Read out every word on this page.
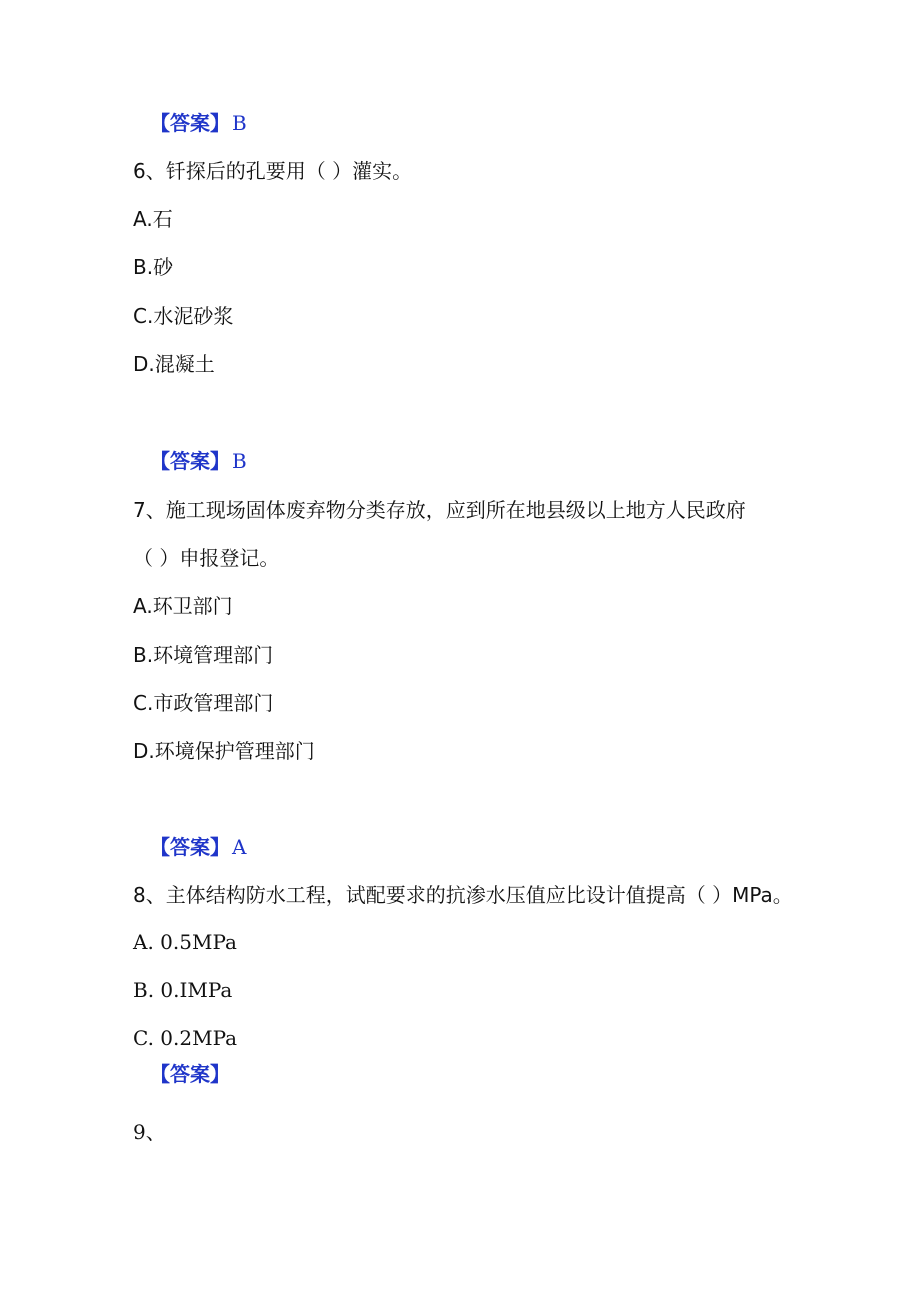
【答案】 B
6、钎探后的孔要用（ ）灌实。
A.石
B.砂
C.水泥砂浆
D.混凝土
【答案】 B
7、施工现场固体废弃物分类存放，应到所在地县级以上地方人民政府
（ ）申报登记。
A.环卫部门
B.环境管理部门
C.市政管理部门
D.环境保护管理部门
【答案】 A
8、主体结构防水工程，试配要求的抗渗水压值应比设计值提高（ ）MPa。
A. 0.5MPa
B. 0.IMPa
C. 0.2MPa
【答案】
9、
